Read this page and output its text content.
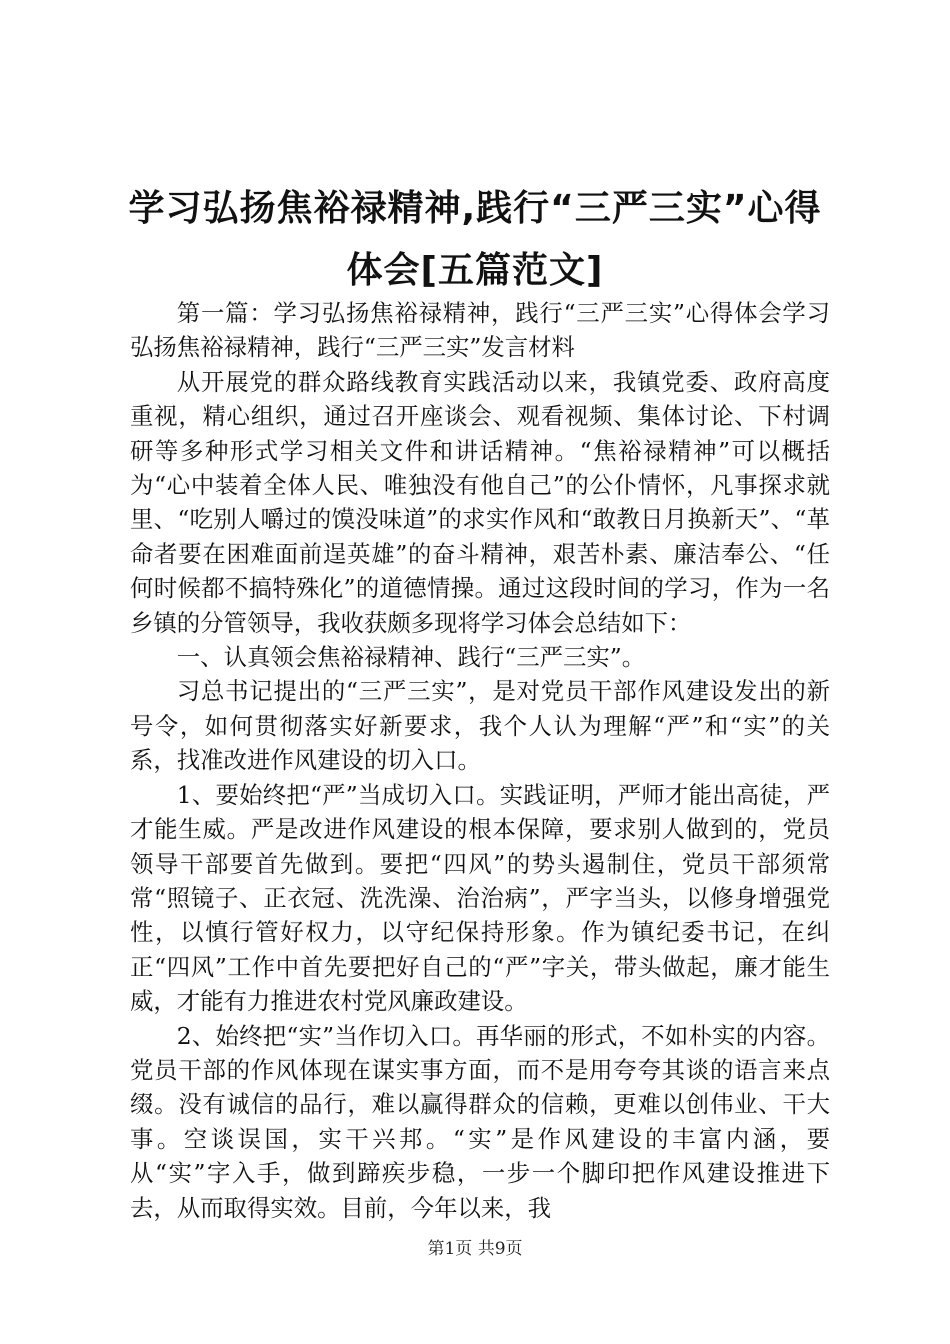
学习弘扬焦裕禄精神,践行“三严三实”心得
体会[五篇范文]

第一篇：学习弘扬焦裕禄精神，践行“三严三实”心得体会学习弘扬焦裕禄精神，践行“三严三实”发言材料

从开展党的群众路线教育实践活动以来，我镇党委、政府高度重视，精心组织，通过召开座谈会、观看视频、集体讨论、下村调研等多种形式学习相关文件和讲话精神。“焦裕禄精神”可以概括为“心中装着全体人民、唯独没有他自己”的公仆情怀，凡事探求就里、“吃别人嚼过的馍没味道”的求实作风和“敢教日月换新天”、“革命者要在困难面前逞英雄”的奋斗精神，艰苦朴素、廉洁奉公、“任何时候都不搞特殊化”的道德情操。通过这段时间的学习，作为一名乡镇的分管领导，我收获颇多现将学习体会总结如下：

一、认真领会焦裕禄精神、践行“三严三实”。

习总书记提出的“三严三实”，是对党员干部作风建设发出的新号令，如何贯彻落实好新要求，我个人认为理解“严”和“实”的关系，找准改进作风建设的切入口。

1、要始终把“严”当成切入口。实践证明，严师才能出高徒，严才能生威。严是改进作风建设的根本保障，要求别人做到的，党员领导干部要首先做到。要把“四风”的势头遏制住，党员干部须常常“照镜子、正衣冠、洗洗澡、治治病”，严字当头，以修身增强党性，以慎行管好权力，以守纪保持形象。作为镇纪委书记，在纠正“四风”工作中首先要把好自己的“严”字关，带头做起，廉才能生威，才能有力推进农村党风廉政建设。

2、始终把“实”当作切入口。再华丽的形式，不如朴实的内容。党员干部的作风体现在谋实事方面，而不是用夸夸其谈的语言来点缀。没有诚信的品行，难以赢得群众的信赖，更难以创伟业、干大事。空谈误国，实干兴邦。“实”是作风建设的丰富内涵，要从“实”字入手，做到蹄疾步稳，一步一个脚印把作风建设推进下去，从而取得实效。目前，今年以来，我

第1页 共9页
